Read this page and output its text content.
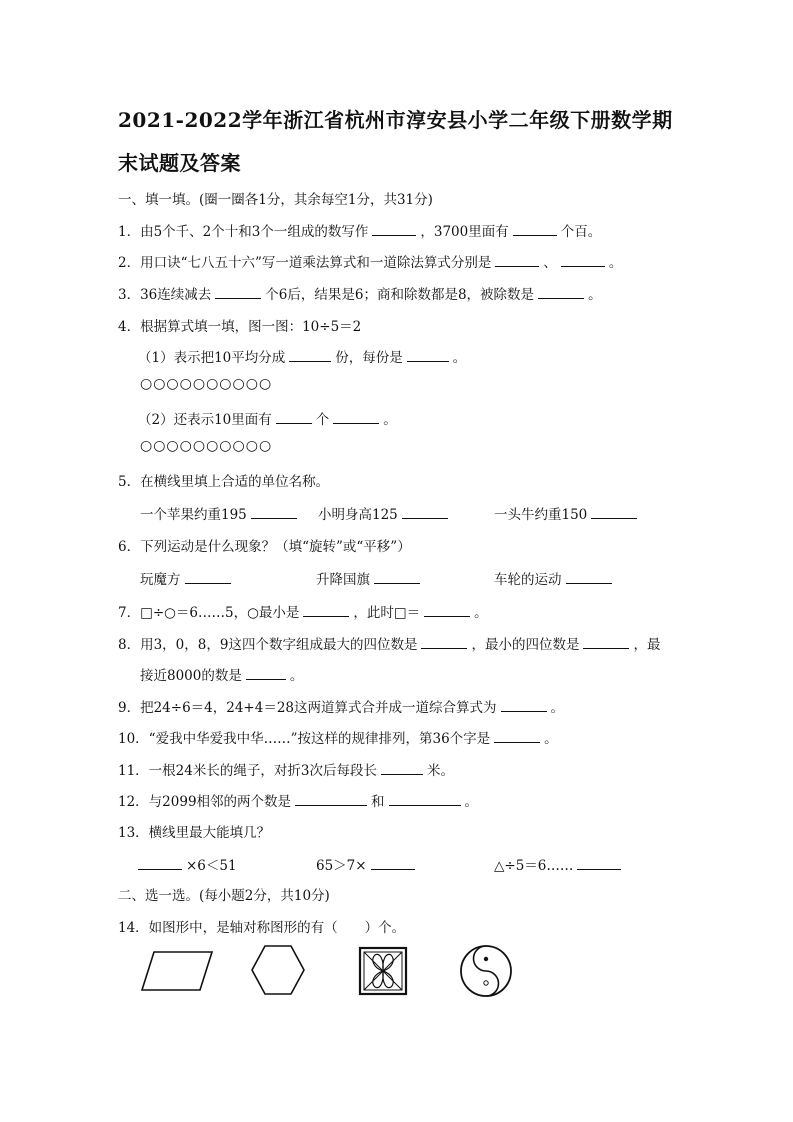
2021-2022学年浙江省杭州市淳安县小学二年级下册数学期
末试题及答案
一、填一填。(圈一圈各1分，其余每空1分，共31分)
1．由5个千、2个十和3个一组成的数写作	，3700里面有	个百。
2．用口诀“七八五十六”写一道乘法算式和一道除法算式分别是	、	。
3．36连续减去	个6后，结果是6；商和除数都是8，被除数是	。
4．根据算式填一填，图一图：10÷5＝2
（1）表示把10平均分成	份，每份是	。
○○○○○○○○○○
（2）还表示10里面有	个	。
○○○○○○○○○○
5．在横线里填上合适的单位名称。
一个苹果约重195	小明身高125	一头牛约重150
6．下列运动是什么现象？（填“旋转”或“平移”）
玩魔方	升降国旗	车轮的运动
7．□÷○＝6……5，○最小是	，此时□＝	。
8．用3，0，8，9这四个数字组成最大的四位数是	，最小的四位数是	，最
接近8000的数是	。
9．把24÷6＝4，24+4＝28这两道算式合并成一道综合算式为	。
10．“爱我中华爱我中华……”按这样的规律排列，第36个字是	。
11．一根24米长的绳子，对折3次后每段长	米。
12．与2099相邻的两个数是	和	。
13．横线里最大能填几？
×6＜51	65＞7×	△÷5＝6……
二、选一选。(每小题2分，共10分)
14．如图形中，是轴对称图形的有（　　）个。
